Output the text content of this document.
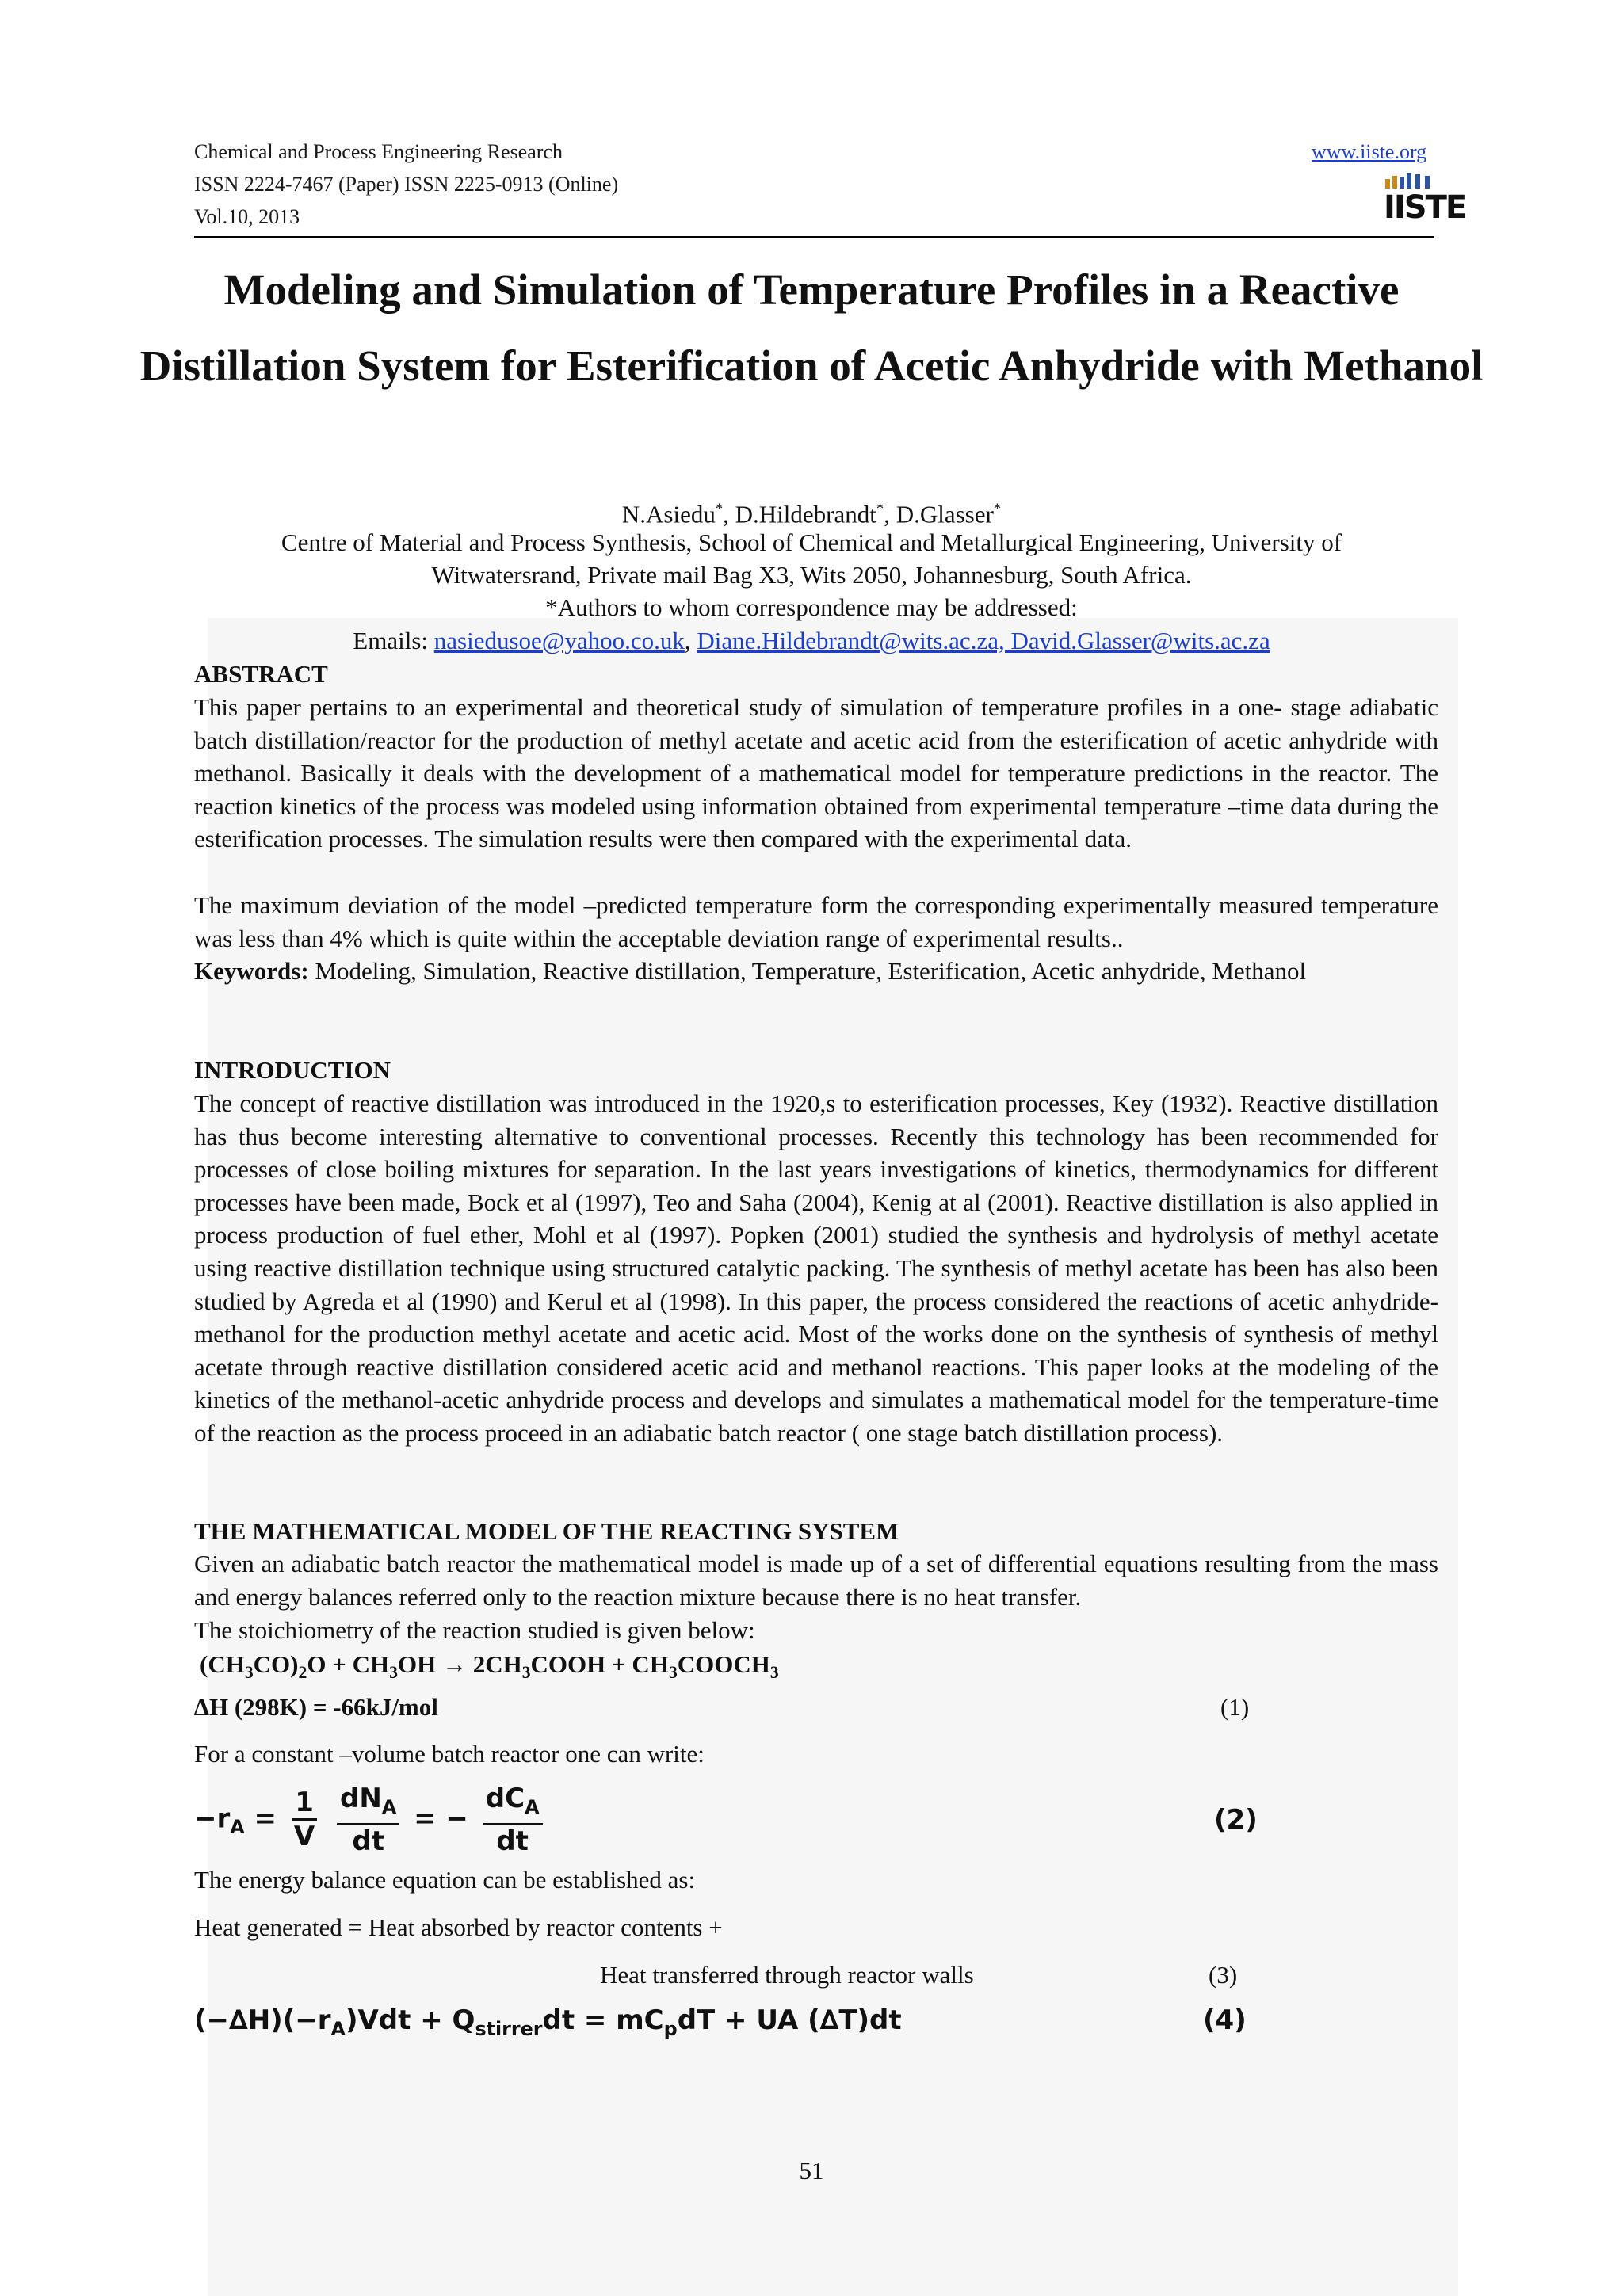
Chemical and Process Engineering Research
ISSN 2224-7467 (Paper) ISSN 2225-0913 (Online)
Vol.10, 2013
www.iiste.org
IISTE
Modeling and Simulation of Temperature Profiles in a Reactive Distillation System for Esterification of Acetic Anhydride with Methanol
N.Asiedu*, D.Hildebrandt*, D.Glasser*
Centre of Material and Process Synthesis, School of Chemical and Metallurgical Engineering, University of Witwatersrand, Private mail Bag X3, Wits 2050, Johannesburg, South Africa.
*Authors to whom correspondence may be addressed:
Emails: nasiedusoe@yahoo.co.uk, Diane.Hildebrandt@wits.ac.za, David.Glasser@wits.ac.za
ABSTRACT
This paper pertains to an experimental and theoretical study of simulation of temperature profiles in a one- stage adiabatic batch distillation/reactor for the production of methyl acetate and acetic acid from the esterification of acetic anhydride with methanol. Basically it deals with the development of a mathematical model for temperature predictions in the reactor. The reaction kinetics of the process was modeled using information obtained from experimental temperature –time data during the esterification processes. The simulation results were then compared with the experimental data.
The maximum deviation of the model –predicted temperature form the corresponding experimentally measured temperature was less than 4% which is quite within the acceptable deviation range of experimental results..
Keywords: Modeling, Simulation, Reactive distillation, Temperature, Esterification, Acetic anhydride, Methanol
INTRODUCTION
The concept of reactive distillation was introduced in the 1920,s to esterification processes, Key (1932). Reactive distillation has thus become interesting alternative to conventional processes. Recently this technology has been recommended for processes of close boiling mixtures for separation. In the last years investigations of kinetics, thermodynamics for different processes have been made, Bock et al (1997), Teo and Saha (2004), Kenig at al (2001). Reactive distillation is also applied in process production of fuel ether, Mohl et al (1997). Popken (2001) studied the synthesis and hydrolysis of methyl acetate using reactive distillation technique using structured catalytic packing. The synthesis of methyl acetate has been has also been studied by Agreda et al (1990) and Kerul et al (1998). In this paper, the process considered the reactions of acetic anhydride-methanol for the production methyl acetate and acetic acid. Most of the works done on the synthesis of synthesis of methyl acetate through reactive distillation considered acetic acid and methanol reactions. This paper looks at the modeling of the kinetics of the methanol-acetic anhydride process and develops and simulates a mathematical model for the temperature-time of the reaction as the process proceed in an adiabatic batch reactor ( one stage batch distillation process).
THE MATHEMATICAL MODEL OF THE REACTING SYSTEM
Given an adiabatic batch reactor the mathematical model is made up of a set of differential equations resulting from the mass and energy balances referred only to the reaction mixture because there is no heat transfer.
The stoichiometry of the reaction studied is given below:
$(CH_3CO)_2O + CH_3OH$ → $2CH_3COOH$ + $CH_3COOCH_3$
∆H (298K) = -66kJ/mol	(1)
For a constant –volume batch reactor one can write:
$-r_A = \frac{1}{V}$
$\frac{dN_A}{dt}$ = − $\frac{dC_A}{dt}$	(2)
The energy balance equation can be established as:
Heat generated = Heat absorbed by reactor contents +
Heat transferred through reactor walls	(3)
$(-\Delta H)(-r_A)Vdt + Q_{stirrer}dt = mC_pdT$ + UA (∆T)dt	(4)
51
